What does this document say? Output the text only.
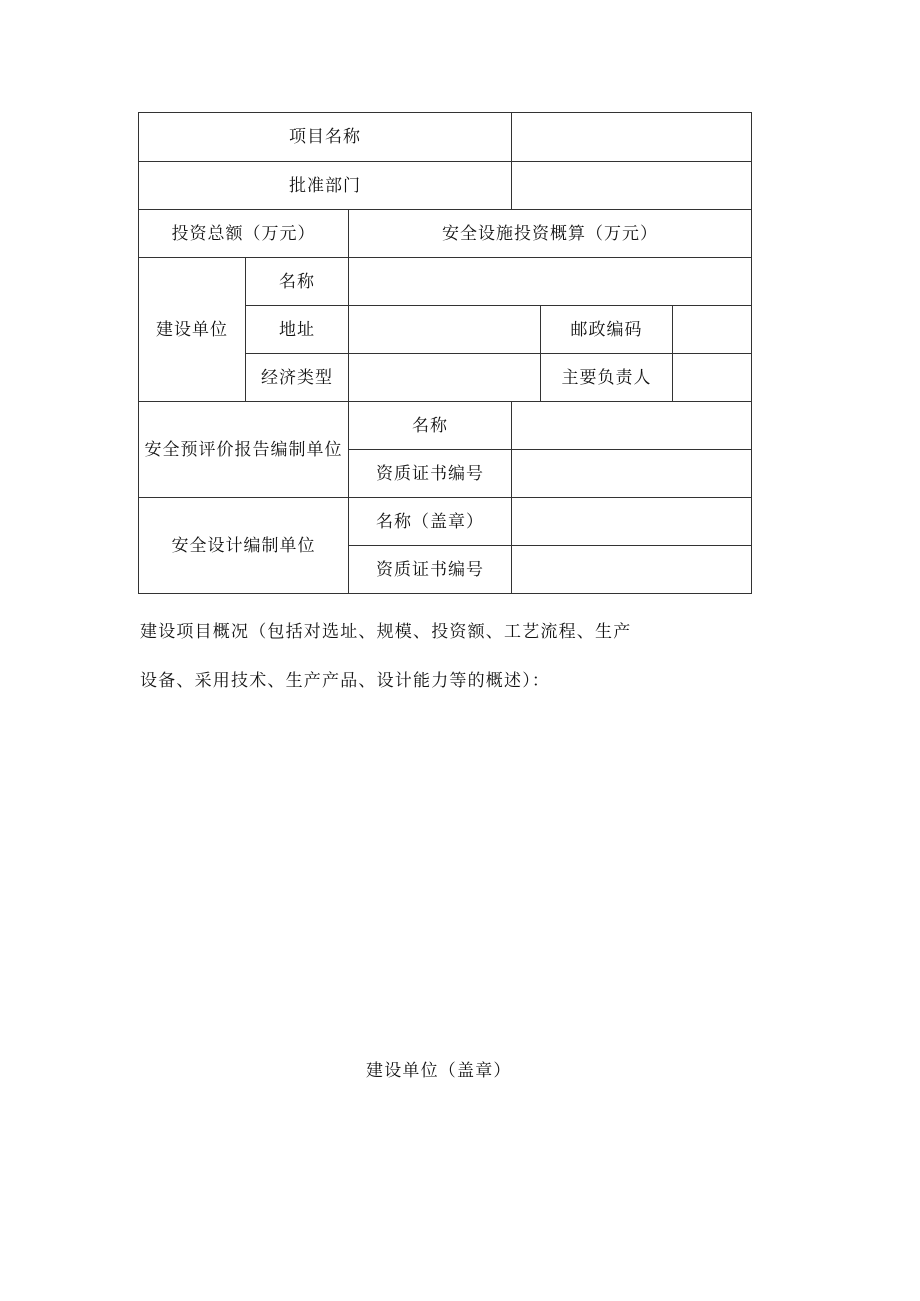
项目名称					
批准部门					
投资总额（万元）		安全设施投资概算（万元）			
建设单位	名称				
	地址			邮政编码	
	经济类型			主要负责人	
安全预评价报告编制单位		名称			
		资质证书编号			
安全设计编制单位		名称（盖章）			
		资质证书编号			
建设项目概况（包括对选址、规模、投资额、工艺流程、生产
设备、采用技术、生产产品、设计能力等的概述）：
建设单位（盖章）
